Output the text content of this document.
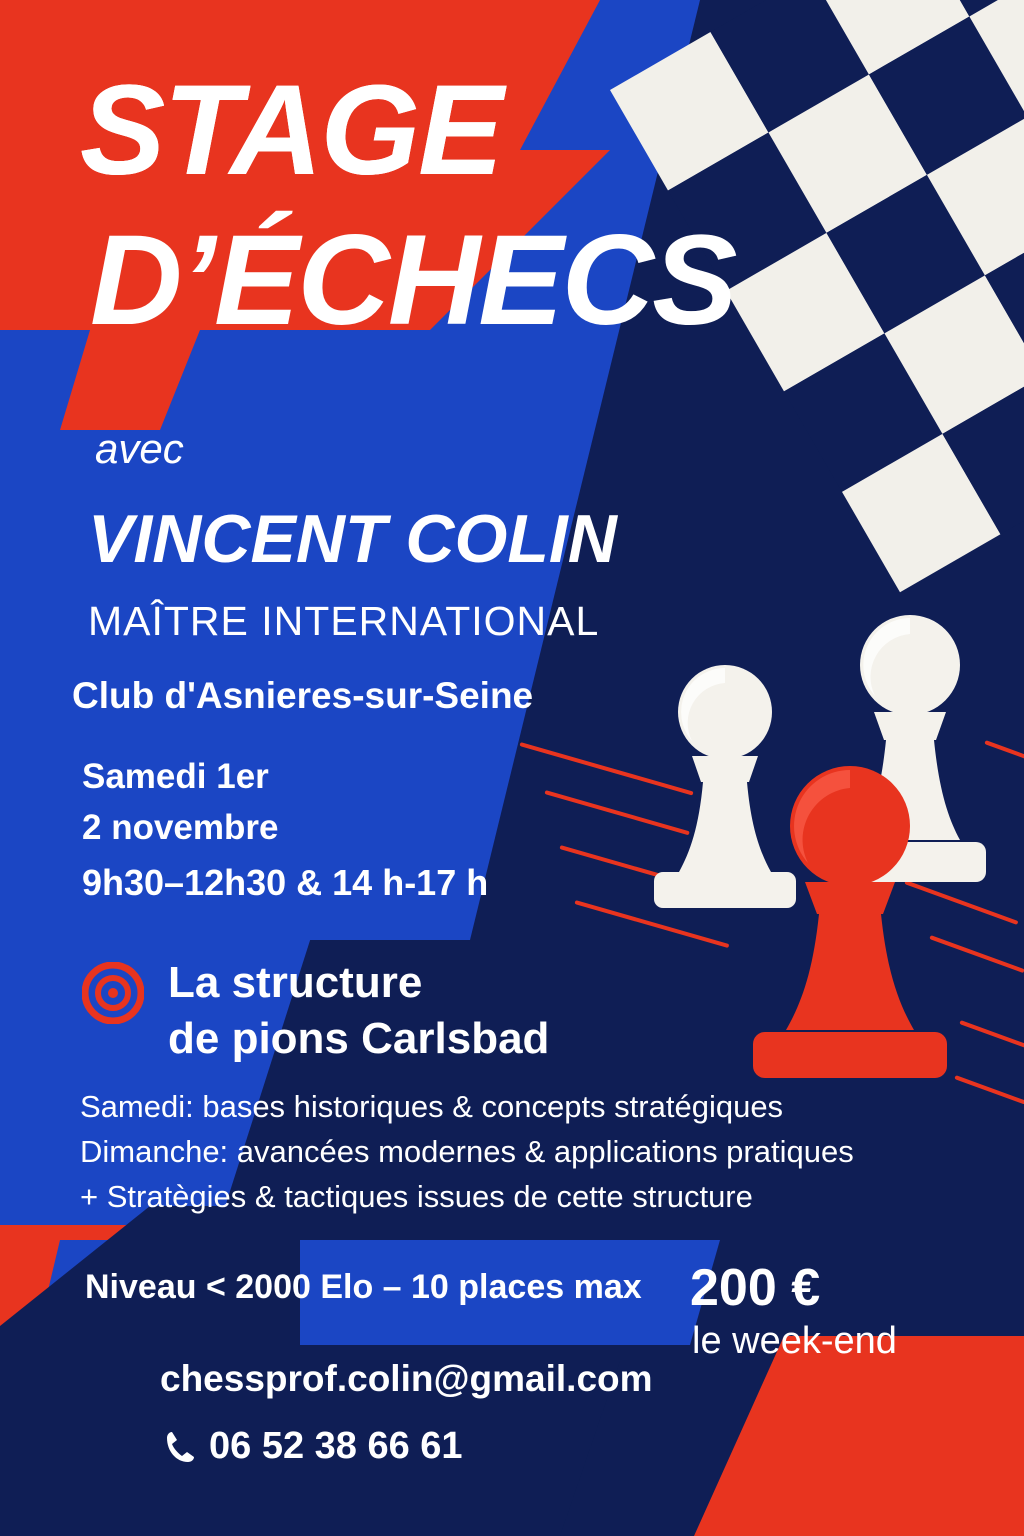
STAGE
D’ÉCHECS
avec
VINCENT COLIN
MAÎTRE INTERNATIONAL
Club d'Asnieres-sur-Seine
Samedi 1er
2 novembre
9h30–12h30 & 14 h-17 h
La structure
de pions Carlsbad
Samedi: bases historiques & concepts stratégiques
Dimanche: avancées modernes & applications pratiques
+ Stratègies & tactiques issues de cette structure
Niveau < 2000 Elo – 10 places max 200 €
le week-end
chessprof.colin@gmail.com
06 52 38 66 61
